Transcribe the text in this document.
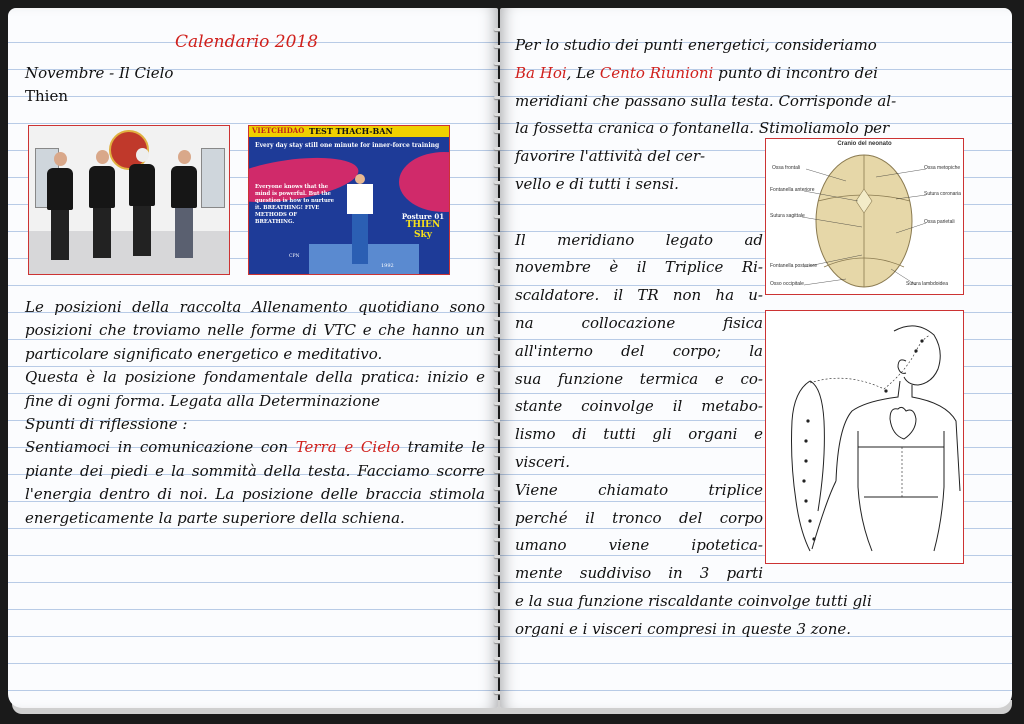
Calendario 2018
Novembre - Il Cielo
Thien
VIETCHIDAO TEST THACH-BAN
Every day stay still one minute for inner-force training
Everyone knows that the mind is powerful. But the question is how to nurture it. BREATHING! FIVE METHODS OF BREATHING.
Posture 01
THIEN
Sky
CPN
1992

Le posizioni della raccolta Allenamento quotidiano sono posizioni che troviamo nelle forme di VTC e che hanno un particolare significato energetico e meditativo.

Questa è la posizione fondamentale della pratica: inizio e fine di ogni forma. Legata alla Determinazione

Spunti di riflessione :

Sentiamoci in comunicazione con Terra e Cielo tramite le piante dei piedi e la sommità della testa. Facciamo scorre l'energia dentro di noi. La posizione delle braccia stimola energeticamente la parte superiore della schiena.

Per lo studio dei punti energetici, consideriamo
Ba Hoi, Le Cento Riunioni punto di incontro dei
meridiani che passano sulla testa. Corrisponde al-
la fossetta cranica o fontanella. Stimoliamolo per
favorire l'attività del cer-
vello e di tutti i sensi.
Il meridiano legato ad
novembre è il Triplice Ri-
scaldatore. il TR non ha u-
na collocazione fisica
all'interno del corpo; la
sua funzione termica e co-
stante coinvolge il metabo-
lismo di tutti gli organi e
visceri.
Viene chiamato triplice
perché il tronco del corpo
umano viene ipotetica-
mente suddiviso in 3 parti
e la sua funzione riscaldante coinvolge tutti gli
organi e i visceri compresi in queste 3 zone.
Cranio del neonato
Ossa frontali	Ossa metopiche
Fontanella anteriore
Sutura coronaria
Sutura sagittale
Ossa parietali
Fontanella posteriore
Osso occipitale	Sutura lambdoidea
